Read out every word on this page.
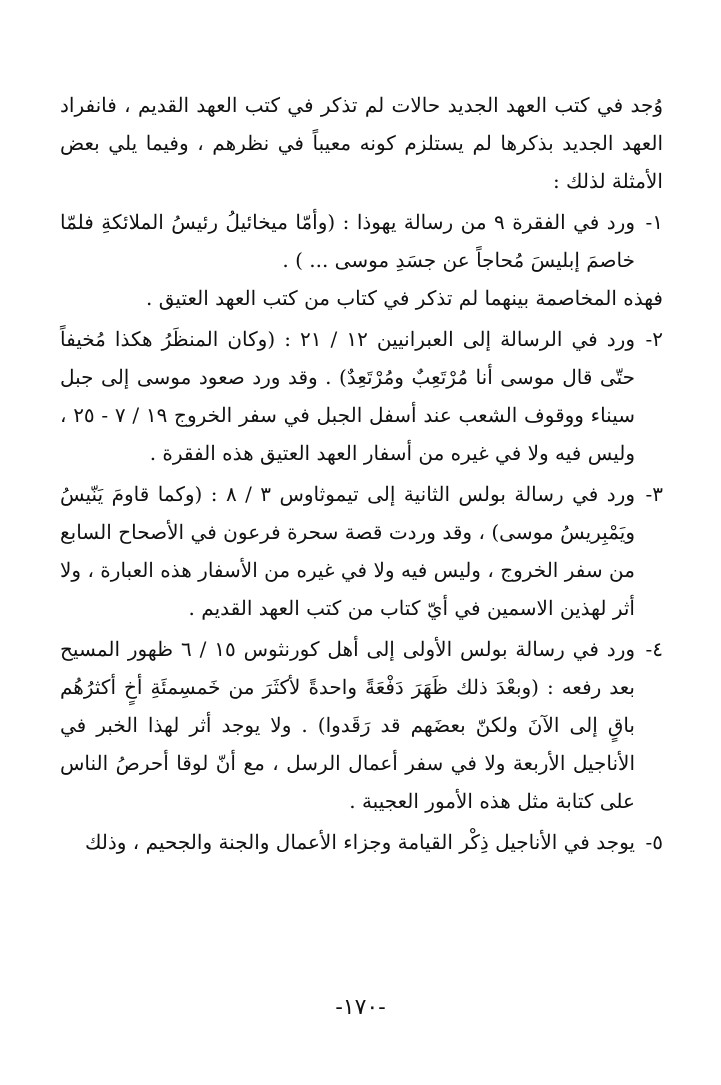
وُجد في كتب العهد الجديد حالات لم تذكر في كتب العهد القديم ، فانفراد العهد الجديد بذكرها لم يستلزم كونه معيباً في نظرهم ، وفيما يلي بعض الأمثلة لذلك :

١-
ورد في الفقرة ٩ من رسالة يهوذا : (وأمّا ميخائيلُ رئيسُ الملائكةِ فلمّا خاصمَ إبليسَ مُحاجاً عن جسَدِ موسى ... ) .

فهذه المخاصمة بينهما لم تذكر في كتاب من كتب العهد العتيق .

٢-
ورد في الرسالة إلى العبرانيين ١٢ / ٢١ : (وكان المنظَرُ هكذا مُخيفاً حتّى قال موسى أنا مُرْتَعِبٌ ومُرْتَعِدٌ) . وقد ورد صعود موسى إلى جبل سيناء ووقوف الشعب عند أسفل الجبل في سفر الخروج ١٩ / ٧ - ٢٥ ، وليس فيه ولا في غيره من أسفار العهد العتيق هذه الفقرة .
٣-
ورد في رسالة بولس الثانية إلى تيموثاوس ٣ / ٨ : (وكما قاومَ يَنّيسُ ويَمْبِريسُ موسى) ، وقد وردت قصة سحرة فرعون في الأصحاح السابع من سفر الخروج ، وليس فيه ولا في غيره من الأسفار هذه العبارة ، ولا أثر لهذين الاسمين في أيّ كتاب من كتب العهد القديم .
٤-
ورد في رسالة بولس الأولى إلى أهل كورنثوس ١٥ / ٦ ظهور المسيح بعد رفعه : (وبعْدَ ذلك ظَهَرَ دَفْعَةً واحدةً لأكثَرَ من خَمسِمئَةِ أخٍ أكثرُهُم باقٍ إلى الآنَ ولكنّ بعضَهم قد رَقَدوا) . ولا يوجد أثر لهذا الخبر في الأناجيل الأربعة ولا في سفر أعمال الرسل ، مع أنّ لوقا أحرصُ الناس على كتابة مثل هذه الأمور العجيبة .
٥-
يوجد في الأناجيل ذِكْر القيامة وجزاء الأعمال والجنة والجحيم ، وذلك
-١٧٠-
